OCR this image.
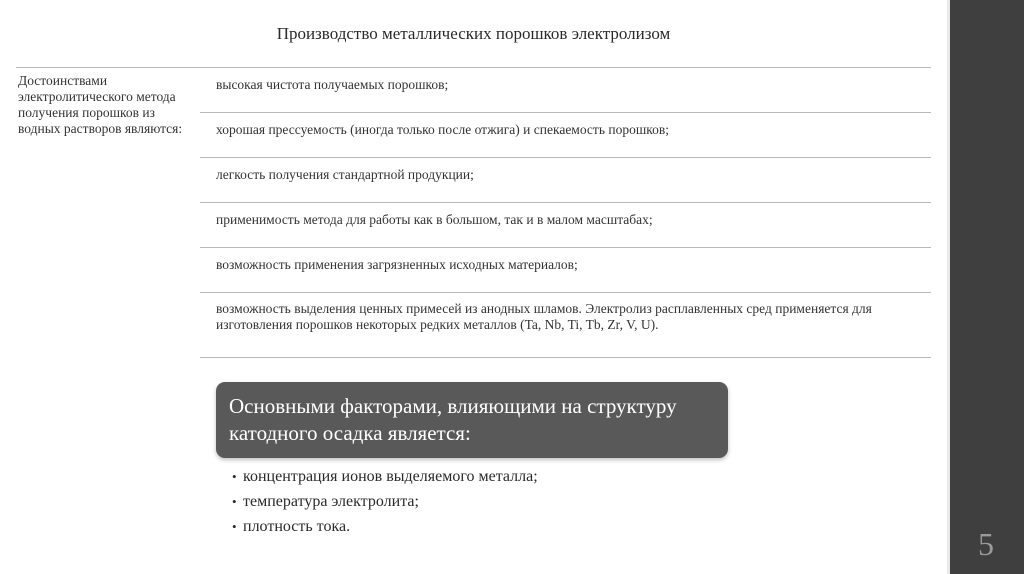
5
Производство металлических порошков электролизом
Достоинствами электролитического метода получения порошков из водных растворов являются:
высокая чистота получаемых порошков;
хорошая прессуемость (иногда только после отжига) и спекаемость порошков;
легкость получения стандартной продукции;
применимость метода для работы как в большом, так и в малом масштабах;
возможность применения загрязненных исходных материалов;
возможность выделения ценных примесей из анодных шламов. Электролиз расплавленных сред применяется для изготовления порошков некоторых редких металлов (Ta, Nb, Ti, Tb, Zr, V, U).
Основными факторами, влияющими на структуру катодного осадка является:
• концентрация ионов выделяемого металла;
• температура электролита;
• плотность тока.
